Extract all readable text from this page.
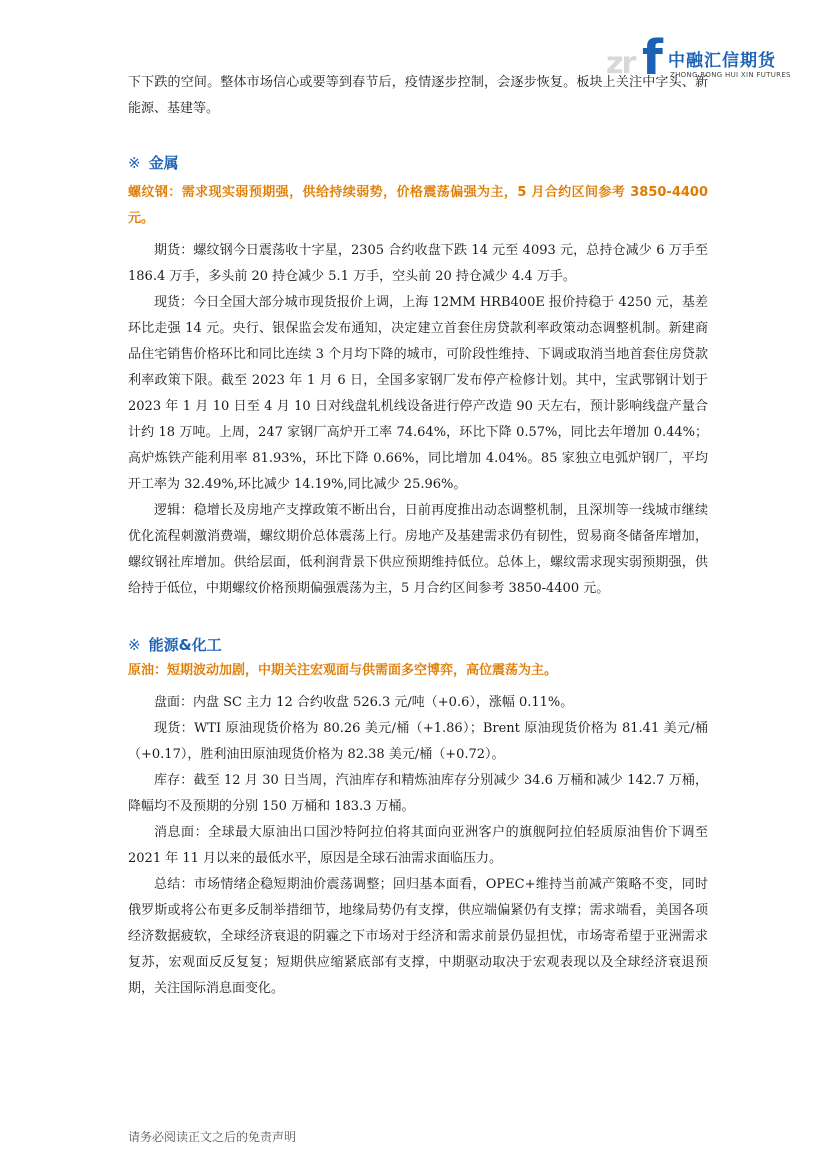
zr f 中融汇信期货
ZHONG RONG HUI XIN FUTURES

下下跌的空间。整体市场信心或要等到春节后，疫情逐步控制，会逐步恢复。板块上关注中字头、新能源、基建等。

※ 金属

螺纹钢：需求现实弱预期强，供给持续弱势，价格震荡偏强为主，5 月合约区间参考 3850-4400 元。

期货：螺纹钢今日震荡收十字星，2305 合约收盘下跌 14 元至 4093 元，总持仓减少 6 万手至 186.4 万手，多头前 20 持仓减少 5.1 万手，空头前 20 持仓减少 4.4 万手。

现货：今日全国大部分城市现货报价上调，上海 12MM HRB400E 报价持稳于 4250 元，基差环比走强 14 元。央行、银保监会发布通知，决定建立首套住房贷款利率政策动态调整机制。新建商品住宅销售价格环比和同比连续 3 个月均下降的城市，可阶段性维持、下调或取消当地首套住房贷款利率政策下限。截至 2023 年 1 月 6 日，全国多家钢厂发布停产检修计划。其中，宝武鄂钢计划于 2023 年 1 月 10 日至 4 月 10 日对线盘轧机线设备进行停产改造 90 天左右，预计影响线盘产量合计约 18 万吨。上周，247 家钢厂高炉开工率 74.64%，环比下降 0.57%，同比去年增加 0.44%；高炉炼铁产能利用率 81.93%，环比下降 0.66%，同比增加 4.04%。85 家独立电弧炉钢厂，平均开工率为 32.49%,环比减少 14.19%,同比减少 25.96%。

逻辑：稳增长及房地产支撑政策不断出台，日前再度推出动态调整机制，且深圳等一线城市继续优化流程刺激消费端，螺纹期价总体震荡上行。房地产及基建需求仍有韧性，贸易商冬储备库增加，螺纹钢社库增加。供给层面，低利润背景下供应预期维持低位。总体上，螺纹需求现实弱预期强，供给持于低位，中期螺纹价格预期偏强震荡为主，5 月合约区间参考 3850-4400 元。

※ 能源&化工

原油：短期波动加剧，中期关注宏观面与供需面多空博弈，高位震荡为主。

盘面：内盘 SC 主力 12 合约收盘 526.3 元/吨（+0.6），涨幅 0.11%。

现货：WTI 原油现货价格为 80.26 美元/桶（+1.86）；Brent 原油现货价格为 81.41 美元/桶（+0.17），胜利油田原油现货价格为 82.38 美元/桶（+0.72）。

库存：截至 12 月 30 日当周，汽油库存和精炼油库存分别减少 34.6 万桶和减少 142.7 万桶，降幅均不及预期的分别 150 万桶和 183.3 万桶。

消息面：全球最大原油出口国沙特阿拉伯将其面向亚洲客户的旗舰阿拉伯轻质原油售价下调至 2021 年 11 月以来的最低水平，原因是全球石油需求面临压力。

总结：市场情绪企稳短期油价震荡调整；回归基本面看，OPEC+维持当前减产策略不变，同时俄罗斯或将公布更多反制举措细节，地缘局势仍有支撑，供应端偏紧仍有支撑；需求端看，美国各项经济数据疲软，全球经济衰退的阴霾之下市场对于经济和需求前景仍显担忧，市场寄希望于亚洲需求复苏，宏观面反反复复；短期供应缩紧底部有支撑，中期驱动取决于宏观表现以及全球经济衰退预期，关注国际消息面变化。

请务必阅读正文之后的免责声明
